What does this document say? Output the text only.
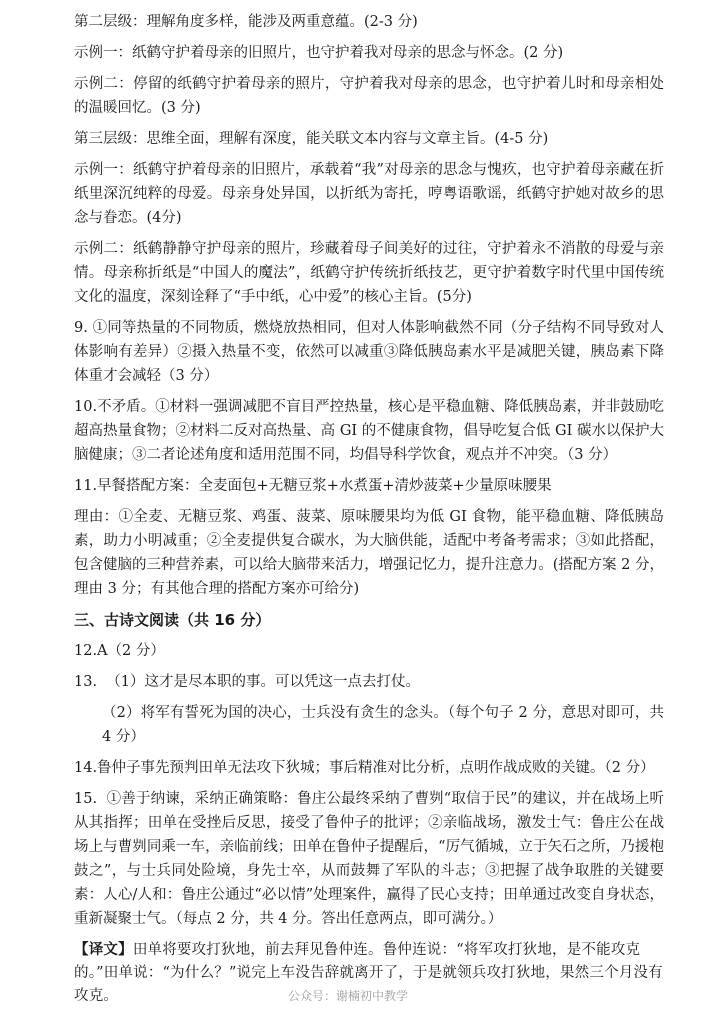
第二层级：理解角度多样，能涉及两重意蕴。(2-3 分)

示例一：纸鹤守护着母亲的旧照片，也守护着我对母亲的思念与怀念。(2 分)

示例二：停留的纸鹤守护着母亲的照片，守护着我对母亲的思念，也守护着儿时和母亲相处的温暖回忆。(3 分)

第三层级：思维全面，理解有深度，能关联文本内容与文章主旨。(4-5 分)

示例一：纸鹤守护着母亲的旧照片，承载着“我”对母亲的思念与愧疚，也守护着母亲藏在折纸里深沉纯粹的母爱。母亲身处异国，以折纸为寄托，哼粤语歌谣，纸鹤守护她对故乡的思念与眷恋。(4分)

示例二：纸鹤静静守护母亲的照片，珍藏着母子间美好的过往，守护着永不消散的母爱与亲情。母亲称折纸是“中国人的魔法”，纸鹤守护传统折纸技艺，更守护着数字时代里中国传统文化的温度，深刻诠释了“手中纸，心中爱”的核心主旨。(5分)

9. ①同等热量的不同物质，燃烧放热相同，但对人体影响截然不同（分子结构不同导致对人体影响有差异）②摄入热量不变，依然可以减重③降低胰岛素水平是减肥关键，胰岛素下降体重才会减轻（3 分）

10.不矛盾。①材料一强调减肥不盲目严控热量，核心是平稳血糖、降低胰岛素，并非鼓励吃超高热量食物；②材料二反对高热量、高 GI 的不健康食物，倡导吃复合低 GI 碳水以保护大脑健康；③二者论述角度和适用范围不同，均倡导科学饮食，观点并不冲突。（3 分）

11.早餐搭配方案：全麦面包+无糖豆浆+水煮蛋+清炒菠菜+少量原味腰果

理由：①全麦、无糖豆浆、鸡蛋、菠菜、原味腰果均为低 GI 食物，能平稳血糖、降低胰岛素，助力小明减重；②全麦提供复合碳水，为大脑供能，适配中考备考需求；③如此搭配，包含健脑的三种营养素，可以给大脑带来活力，增强记忆力，提升注意力。(搭配方案 2 分，理由 3 分；有其他合理的搭配方案亦可给分)

三、古诗文阅读（共 16 分）

12.A（2 分）

13.  （1）这才是尽本职的事。可以凭这一点去打仗。

（2）将军有誓死为国的决心，士兵没有贪生的念头。（每个句子 2 分，意思对即可，共 4 分）

14.鲁仲子事先预判田单无法攻下狄城；事后精准对比分析，点明作战成败的关键。（2 分）

15.  ①善于纳谏，采纳正确策略：鲁庄公最终采纳了曹刿“取信于民”的建议，并在战场上听从其指挥；田单在受挫后反思，接受了鲁仲子的批评；②亲临战场，激发士气：鲁庄公在战场上与曹刿同乘一车，亲临前线；田单在鲁仲子提醒后，“厉气循城，立于矢石之所，乃援枹鼓之”，与士兵同处险境，身先士卒，从而鼓舞了军队的斗志；③把握了战争取胜的关键要素：人心/人和：鲁庄公通过“必以情”处理案件，赢得了民心支持；田单通过改变自身状态，重新凝聚士气。（每点 2 分，共 4 分。答出任意两点，即可满分。）

【译文】田单将要攻打狄地，前去拜见鲁仲连。鲁仲连说：“将军攻打狄地，是不能攻克的。”田单说：“为什么？”说完上车没告辞就离开了，于是就领兵攻打狄地，果然三个月没有攻克。	公众号：谢楠初中教学
